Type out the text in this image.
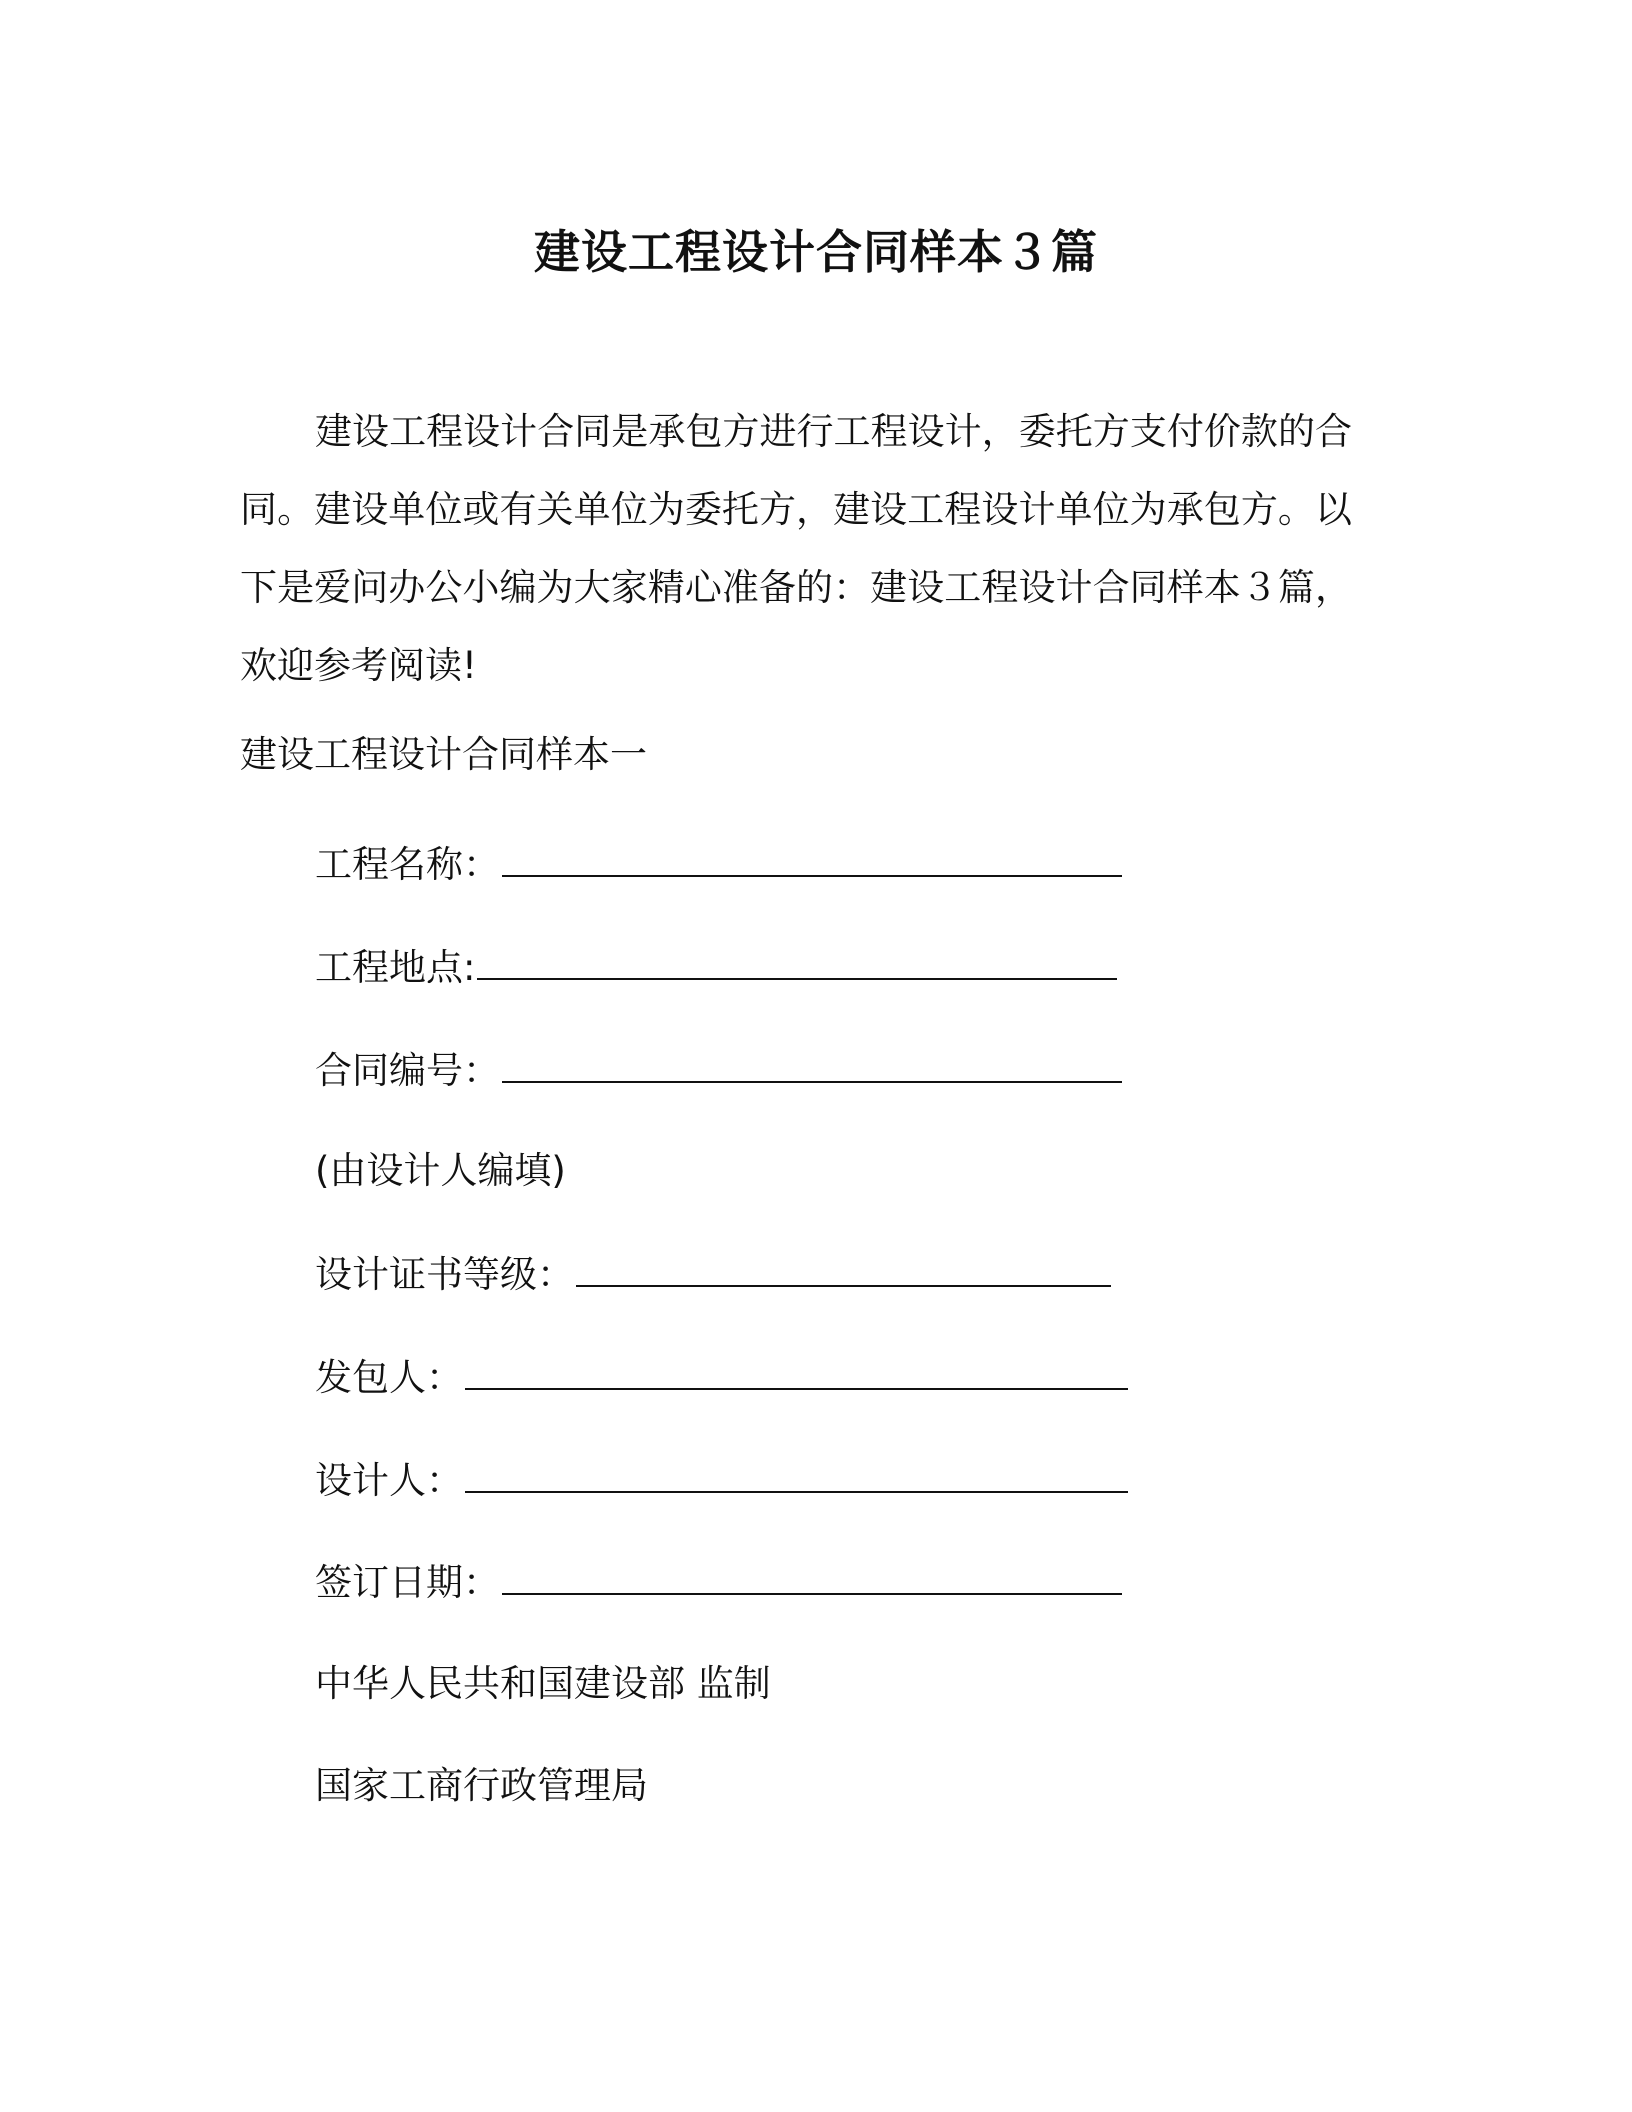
建设工程设计合同样本３篇

建设工程设计合同是承包方进行工程设计，委托方支付价款的合同。建设单位或有关单位为委托方，建设工程设计单位为承包方。以下是爱问办公小编为大家精心准备的：建设工程设计合同样本３篇，欢迎参考阅读!

建设工程设计合同样本一
工程名称：
工程地点:
合同编号：
(由设计人编填)
设计证书等级：
发包人：
设计人：
签订日期：
中华人民共和国建设部 监制
国家工商行政管理局
